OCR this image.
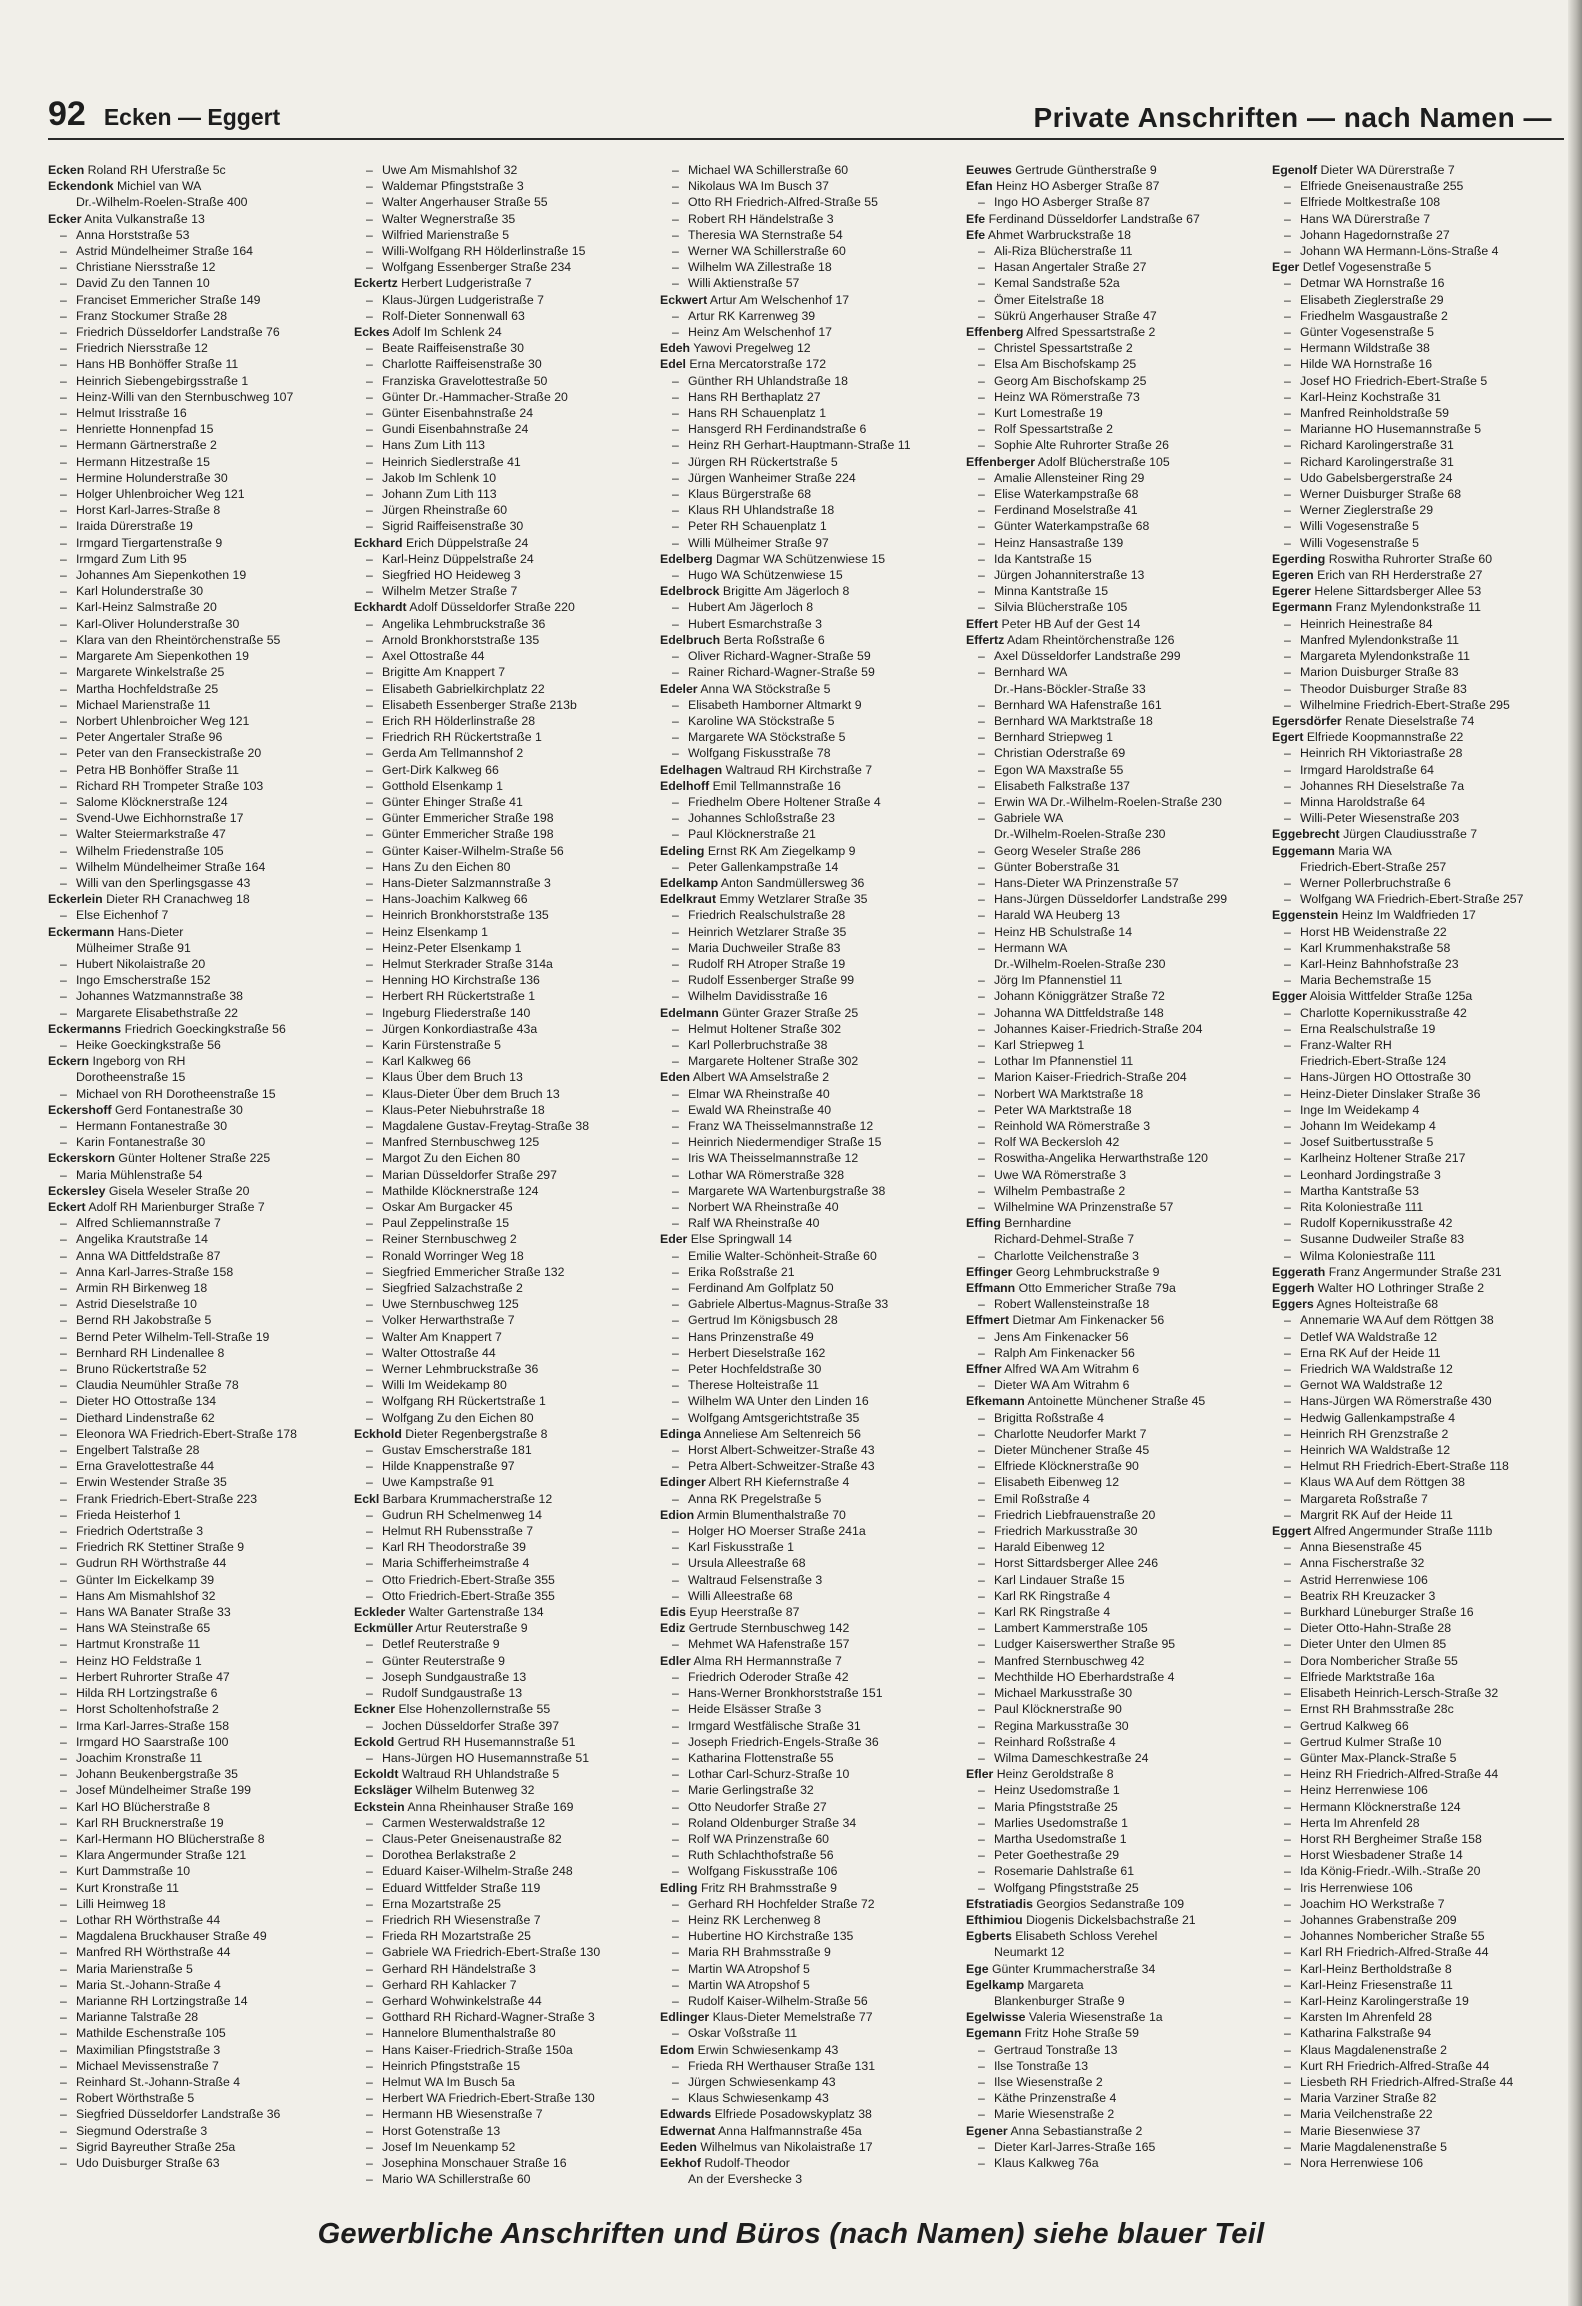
92 Ecken — Eggert	Private Anschriften — nach Namen —
Ecken Roland RH Uferstraße 5c
Eckendonk Michiel van WA
Dr.-Wilhelm-Roelen-Straße 400
Ecker Anita Vulkanstraße 13
– Anna Horststraße 53
– Astrid Mündelheimer Straße 164
– Christiane Niersstraße 12
– David Zu den Tannen 10
– Franciset Emmericher Straße 149
– Franz Stockumer Straße 28
– Friedrich Düsseldorfer Landstraße 76
– Friedrich Niersstraße 12
– Hans HB Bonhöffer Straße 11
– Heinrich Siebengebirgsstraße 1
– Heinz-Willi van den Sternbuschweg 107
– Helmut Irisstraße 16
– Henriette Honnenpfad 15
– Hermann Gärtnerstraße 2
– Hermann Hitzestraße 15
– Hermine Holunderstraße 30
– Holger Uhlenbroicher Weg 121
– Horst Karl-Jarres-Straße 8
– Iraida Dürerstraße 19
– Irmgard Tiergartenstraße 9
– Irmgard Zum Lith 95
– Johannes Am Siepenkothen 19
– Karl Holunderstraße 30
– Karl-Heinz Salmstraße 20
– Karl-Oliver Holunderstraße 30
– Klara van den Rheintörchenstraße 55
– Margarete Am Siepenkothen 19
– Margarete Winkelstraße 25
– Martha Hochfeldstraße 25
– Michael Marienstraße 11
– Norbert Uhlenbroicher Weg 121
– Peter Angertaler Straße 96
– Peter van den Franseckistraße 20
– Petra HB Bonhöffer Straße 11
– Richard RH Trompeter Straße 103
– Salome Klöcknerstraße 124
– Svend-Uwe Eichhornstraße 17
– Walter Steiermarkstraße 47
– Wilhelm Friedenstraße 105
– Wilhelm Mündelheimer Straße 164
– Willi van den Sperlingsgasse 43
Eckerlein Dieter RH Cranachweg 18
– Else Eichenhof 7
Eckermann Hans-Dieter
Mülheimer Straße 91
– Hubert Nikolaistraße 20
– Ingo Emscherstraße 152
– Johannes Watzmannstraße 38
– Margarete Elisabethstraße 22
Eckermanns Friedrich Goeckingkstraße 56
– Heike Goeckingkstraße 56
Eckern Ingeborg von RH
Dorotheenstraße 15
– Michael von RH Dorotheenstraße 15
Eckershoff Gerd Fontanestraße 30
– Hermann Fontanestraße 30
– Karin Fontanestraße 30
Eckerskorn Günter Holtener Straße 225
– Maria Mühlenstraße 54
Eckersley Gisela Weseler Straße 20
Eckert Adolf RH Marienburger Straße 7
– Alfred Schliemannstraße 7
– Angelika Krautstraße 14
– Anna WA Dittfeldstraße 87
– Anna Karl-Jarres-Straße 158
– Armin RH Birkenweg 18
– Astrid Dieselstraße 10
– Bernd RH Jakobstraße 5
– Bernd Peter Wilhelm-Tell-Straße 19
– Bernhard RH Lindenallee 8
– Bruno Rückertstraße 52
– Claudia Neumühler Straße 78
– Dieter HO Ottostraße 134
– Diethard Lindenstraße 62
– Eleonora WA Friedrich-Ebert-Straße 178
– Engelbert Talstraße 28
– Erna Gravelottestraße 44
– Erwin Westender Straße 35
– Frank Friedrich-Ebert-Straße 223
– Frieda Heisterhof 1
– Friedrich Odertstraße 3
– Friedrich RK Stettiner Straße 9
– Gudrun RH Wörthstraße 44
– Günter Im Eickelkamp 39
– Hans Am Mismahlshof 32
– Hans WA Banater Straße 33
– Hans WA Steinstraße 65
– Hartmut Kronstraße 11
– Heinz HO Feldstraße 1
– Herbert Ruhrorter Straße 47
– Hilda RH Lortzingstraße 6
– Horst Scholtenhofstraße 2
– Irma Karl-Jarres-Straße 158
– Irmgard HO Saarstraße 100
– Joachim Kronstraße 11
– Johann Beukenbergstraße 35
– Josef Mündelheimer Straße 199
– Karl HO Blücherstraße 8
– Karl RH Brucknerstraße 19
– Karl-Hermann HO Blücherstraße 8
– Klara Angermunder Straße 121
– Kurt Dammstraße 10
– Kurt Kronstraße 11
– Lilli Heimweg 18
– Lothar RH Wörthstraße 44
– Magdalena Bruckhauser Straße 49
– Manfred RH Wörthstraße 44
– Maria Marienstraße 5
– Maria St.-Johann-Straße 4
– Marianne RH Lortzingstraße 14
– Marianne Talstraße 28
– Mathilde Eschenstraße 105
– Maximilian Pfingststraße 3
– Michael Mevissenstraße 7
– Reinhard St.-Johann-Straße 4
– Robert Wörthstraße 5
– Siegfried Düsseldorfer Landstraße 36
– Siegmund Oderstraße 3
– Sigrid Bayreuther Straße 25a
– Udo Duisburger Straße 63
– Uwe Am Mismahlshof 32
– Waldemar Pfingststraße 3
– Walter Angerhauser Straße 55
– Walter Wegnerstraße 35
– Wilfried Marienstraße 5
– Willi-Wolfgang RH Hölderlinstraße 15
– Wolfgang Essenberger Straße 234
Eckertz Herbert Ludgeristraße 7
– Klaus-Jürgen Ludgeristraße 7
– Rolf-Dieter Sonnenwall 63
Eckes Adolf Im Schlenk 24
– Beate Raiffeisenstraße 30
– Charlotte Raiffeisenstraße 30
– Franziska Gravelottestraße 50
– Günter Dr.-Hammacher-Straße 20
– Günter Eisenbahnstraße 24
– Gundi Eisenbahnstraße 24
– Hans Zum Lith 113
– Heinrich Siedlerstraße 41
– Jakob Im Schlenk 10
– Johann Zum Lith 113
– Jürgen Rheinstraße 60
– Sigrid Raiffeisenstraße 30
Eckhard Erich Düppelstraße 24
– Karl-Heinz Düppelstraße 24
– Siegfried HO Heideweg 3
– Wilhelm Metzer Straße 7
Eckhardt Adolf Düsseldorfer Straße 220
– Angelika Lehmbruckstraße 36
– Arnold Bronkhorststraße 135
– Axel Ottostraße 44
– Brigitte Am Knappert 7
– Elisabeth Gabrielkirchplatz 22
– Elisabeth Essenberger Straße 213b
– Erich RH Hölderlinstraße 28
– Friedrich RH Rückertstraße 1
– Gerda Am Tellmannshof 2
– Gert-Dirk Kalkweg 66
– Gotthold Elsenkamp 1
– Günter Ehinger Straße 41
– Günter Emmericher Straße 198
– Günter Emmericher Straße 198
– Günter Kaiser-Wilhelm-Straße 56
– Hans Zu den Eichen 80
– Hans-Dieter Salzmannstraße 3
– Hans-Joachim Kalkweg 66
– Heinrich Bronkhorststraße 135
– Heinz Elsenkamp 1
– Heinz-Peter Elsenkamp 1
– Helmut Sterkrader Straße 314a
– Henning HO Kirchstraße 136
– Herbert RH Rückertstraße 1
– Ingeburg Fliederstraße 140
– Jürgen Konkordiastraße 43a
– Karin Fürstenstraße 5
– Karl Kalkweg 66
– Klaus Über dem Bruch 13
– Klaus-Dieter Über dem Bruch 13
– Klaus-Peter Niebuhrstraße 18
– Magdalene Gustav-Freytag-Straße 38
– Manfred Sternbuschweg 125
– Margot Zu den Eichen 80
– Marian Düsseldorfer Straße 297
– Mathilde Klöcknerstraße 124
– Oskar Am Burgacker 45
– Paul Zeppelinstraße 15
– Reiner Sternbuschweg 2
– Ronald Worringer Weg 18
– Siegfried Emmericher Straße 132
– Siegfried Salzachstraße 2
– Uwe Sternbuschweg 125
– Volker Herwarthstraße 7
– Walter Am Knappert 7
– Walter Ottostraße 44
– Werner Lehmbruckstraße 36
– Willi Im Weidekamp 80
– Wolfgang RH Rückertstraße 1
– Wolfgang Zu den Eichen 80
Eckhold Dieter Regenbergstraße 8
– Gustav Emscherstraße 181
– Hilde Knappenstraße 97
– Uwe Kampstraße 91
Eckl Barbara Krummacherstraße 12
– Gudrun RH Schelmenweg 14
– Helmut RH Rubensstraße 7
– Karl RH Theodorstraße 39
– Maria Schifferheimstraße 4
– Otto Friedrich-Ebert-Straße 355
– Otto Friedrich-Ebert-Straße 355
Eckleder Walter Gartenstraße 134
Eckmüller Artur Reuterstraße 9
– Detlef Reuterstraße 9
– Günter Reuterstraße 9
– Joseph Sundgaustraße 13
– Rudolf Sundgaustraße 13
Eckner Else Hohenzollernstraße 55
– Jochen Düsseldorfer Straße 397
Eckold Gertrud RH Husemannstraße 51
– Hans-Jürgen HO Husemannstraße 51
Eckoldt Waltraud RH Uhlandstraße 5
Ecksläger Wilhelm Butenweg 32
Eckstein Anna Rheinhauser Straße 169
– Carmen Westerwaldstraße 12
– Claus-Peter Gneisenaustraße 82
– Dorothea Berlakstraße 2
– Eduard Kaiser-Wilhelm-Straße 248
– Eduard Wittfelder Straße 119
– Erna Mozartstraße 25
– Friedrich RH Wiesenstraße 7
– Frieda RH Mozartstraße 25
– Gabriele WA Friedrich-Ebert-Straße 130
– Gerhard RH Händelstraße 3
– Gerhard RH Kahlacker 7
– Gerhard Wohwinkelstraße 44
– Gotthard RH Richard-Wagner-Straße 3
– Hannelore Blumenthalstraße 80
– Hans Kaiser-Friedrich-Straße 150a
– Heinrich Pfingststraße 15
– Helmut WA Im Busch 5a
– Herbert WA Friedrich-Ebert-Straße 130
– Hermann HB Wiesenstraße 7
– Horst Gotenstraße 13
– Josef Im Neuenkamp 52
– Josephina Monschauer Straße 16
– Mario WA Schillerstraße 60
– Michael WA Schillerstraße 60
– Nikolaus WA Im Busch 37
– Otto RH Friedrich-Alfred-Straße 55
– Robert RH Händelstraße 3
– Theresia WA Sternstraße 54
– Werner WA Schillerstraße 60
– Wilhelm WA Zillestraße 18
– Willi Aktienstraße 57
Eckwert Artur Am Welschenhof 17
– Artur RK Karrenweg 39
– Heinz Am Welschenhof 17
Edeh Yawovi Pregelweg 12
Edel Erna Mercatorstraße 172
– Günther RH Uhlandstraße 18
– Hans RH Berthaplatz 27
– Hans RH Schauenplatz 1
– Hansgerd RH Ferdinandstraße 6
– Heinz RH Gerhart-Hauptmann-Straße 11
– Jürgen RH Rückertstraße 5
– Jürgen Wanheimer Straße 224
– Klaus Bürgerstraße 68
– Klaus RH Uhlandstraße 18
– Peter RH Schauenplatz 1
– Willi Mülheimer Straße 97
Edelberg Dagmar WA Schützenwiese 15
– Hugo WA Schützenwiese 15
Edelbrock Brigitte Am Jägerloch 8
– Hubert Am Jägerloch 8
– Hubert Esmarchstraße 3
Edelbruch Berta Roßstraße 6
– Oliver Richard-Wagner-Straße 59
– Rainer Richard-Wagner-Straße 59
Edeler Anna WA Stöckstraße 5
– Elisabeth Hamborner Altmarkt 9
– Karoline WA Stöckstraße 5
– Margarete WA Stöckstraße 5
– Wolfgang Fiskusstraße 78
Edelhagen Waltraud RH Kirchstraße 7
Edelhoff Emil Tellmannstraße 16
– Friedhelm Obere Holtener Straße 4
– Johannes Schloßstraße 23
– Paul Klöcknerstraße 21
Edeling Ernst RK Am Ziegelkamp 9
– Peter Gallenkampstraße 14
Edelkamp Anton Sandmüllersweg 36
Edelkraut Emmy Wetzlarer Straße 35
– Friedrich Realschulstraße 28
– Heinrich Wetzlarer Straße 35
– Maria Duchweiler Straße 83
– Rudolf RH Atroper Straße 19
– Rudolf Essenberger Straße 99
– Wilhelm Davidisstraße 16
Edelmann Günter Grazer Straße 25
– Helmut Holtener Straße 302
– Karl Pollerbruchstraße 38
– Margarete Holtener Straße 302
Eden Albert WA Amselstraße 2
– Elmar WA Rheinstraße 40
– Ewald WA Rheinstraße 40
– Franz WA Theisselmannstraße 12
– Heinrich Niedermendiger Straße 15
– Iris WA Theisselmannstraße 12
– Lothar WA Römerstraße 328
– Margarete WA Wartenburgstraße 38
– Norbert WA Rheinstraße 40
– Ralf WA Rheinstraße 40
Eder Else Springwall 14
– Emilie Walter-Schönheit-Straße 60
– Erika Roßstraße 21
– Ferdinand Am Golfplatz 50
– Gabriele Albertus-Magnus-Straße 33
– Gertrud Im Königsbusch 28
– Hans Prinzenstraße 49
– Herbert Dieselstraße 162
– Peter Hochfeldstraße 30
– Therese Holteistraße 11
– Wilhelm WA Unter den Linden 16
– Wolfgang Amtsgerichtstraße 35
Edinga Anneliese Am Seltenreich 56
– Horst Albert-Schweitzer-Straße 43
– Petra Albert-Schweitzer-Straße 43
Edinger Albert RH Kiefernstraße 4
– Anna RK Pregelstraße 5
Edion Armin Blumenthalstraße 70
– Holger HO Moerser Straße 241a
– Karl Fiskusstraße 1
– Ursula Alleestraße 68
– Waltraud Felsenstraße 3
– Willi Alleestraße 68
Edis Eyup Heerstraße 87
Ediz Gertrude Sternbuschweg 142
– Mehmet WA Hafenstraße 157
Edler Alma RH Hermannstraße 7
– Friedrich Oderoder Straße 42
– Hans-Werner Bronkhorststraße 151
– Heide Elsässer Straße 3
– Irmgard Westfälische Straße 31
– Joseph Friedrich-Engels-Straße 36
– Katharina Flottenstraße 55
– Lothar Carl-Schurz-Straße 10
– Marie Gerlingstraße 32
– Otto Neudorfer Straße 27
– Roland Oldenburger Straße 34
– Rolf WA Prinzenstraße 60
– Ruth Schlachthofstraße 56
– Wolfgang Fiskusstraße 106
Edling Fritz RH Brahmsstraße 9
– Gerhard RH Hochfelder Straße 72
– Heinz RK Lerchenweg 8
– Hubertine HO Kirchstraße 135
– Maria RH Brahmsstraße 9
– Martin WA Atropshof 5
– Martin WA Atropshof 5
– Rudolf Kaiser-Wilhelm-Straße 56
Edlinger Klaus-Dieter Memelstraße 77
– Oskar Voßstraße 11
Edom Erwin Schwiesenkamp 43
– Frieda RH Werthauser Straße 131
– Jürgen Schwiesenkamp 43
– Klaus Schwiesenkamp 43
Edwards Elfriede Posadowskyplatz 38
Edwernat Anna Halfmannstraße 45a
Eeden Wilhelmus van Nikolaistraße 17
Eekhof Rudolf-Theodor
An der Evershecke 3
Eeuwes Gertrude Güntherstraße 9
Efan Heinz HO Asberger Straße 87
– Ingo HO Asberger Straße 87
Efe Ferdinand Düsseldorfer Landstraße 67
Efe Ahmet Warbruckstraße 18
– Ali-Riza Blücherstraße 11
– Hasan Angertaler Straße 27
– Kemal Sandstraße 52a
– Ömer Eitelstraße 18
– Sükrü Angerhauser Straße 47
Effenberg Alfred Spessartstraße 2
– Christel Spessartstraße 2
– Elsa Am Bischofskamp 25
– Georg Am Bischofskamp 25
– Heinz WA Römerstraße 73
– Kurt Lomestraße 19
– Rolf Spessartstraße 2
– Sophie Alte Ruhrorter Straße 26
Effenberger Adolf Blücherstraße 105
– Amalie Allensteiner Ring 29
– Elise Waterkampstraße 68
– Ferdinand Moselstraße 41
– Günter Waterkampstraße 68
– Heinz Hansastraße 139
– Ida Kantstraße 15
– Jürgen Johanniterstraße 13
– Minna Kantstraße 15
– Silvia Blücherstraße 105
Effert Peter HB Auf der Gest 14
Effertz Adam Rheintörchenstraße 126
– Axel Düsseldorfer Landstraße 299
– Bernhard WA
Dr.-Hans-Böckler-Straße 33
– Bernhard WA Hafenstraße 161
– Bernhard WA Marktstraße 18
– Bernhard Striepweg 1
– Christian Oderstraße 69
– Egon WA Maxstraße 55
– Elisabeth Falkstraße 137
– Erwin WA Dr.-Wilhelm-Roelen-Straße 230
– Gabriele WA
Dr.-Wilhelm-Roelen-Straße 230
– Georg Weseler Straße 286
– Günter Boberstraße 31
– Hans-Dieter WA Prinzenstraße 57
– Hans-Jürgen Düsseldorfer Landstraße 299
– Harald WA Heuberg 13
– Heinz HB Schulstraße 14
– Hermann WA
Dr.-Wilhelm-Roelen-Straße 230
– Jörg Im Pfannenstiel 11
– Johann Königgrätzer Straße 72
– Johanna WA Dittfeldstraße 148
– Johannes Kaiser-Friedrich-Straße 204
– Karl Striepweg 1
– Lothar Im Pfannenstiel 11
– Marion Kaiser-Friedrich-Straße 204
– Norbert WA Marktstraße 18
– Peter WA Marktstraße 18
– Reinhold WA Römerstraße 3
– Rolf WA Beckersloh 42
– Roswitha-Angelika Herwarthstraße 120
– Uwe WA Römerstraße 3
– Wilhelm Pembastraße 2
– Wilhelmine WA Prinzenstraße 57
Effing Bernhardine
Richard-Dehmel-Straße 7
– Charlotte Veilchenstraße 3
Effinger Georg Lehmbruckstraße 9
Effmann Otto Emmericher Straße 79a
– Robert Wallensteinstraße 18
Effmert Dietmar Am Finkenacker 56
– Jens Am Finkenacker 56
– Ralph Am Finkenacker 56
Effner Alfred WA Am Witrahm 6
– Dieter WA Am Witrahm 6
Efkemann Antoinette Münchener Straße 45
– Brigitta Roßstraße 4
– Charlotte Neudorfer Markt 7
– Dieter Münchener Straße 45
– Elfriede Klöcknerstraße 90
– Elisabeth Eibenweg 12
– Emil Roßstraße 4
– Friedrich Liebfrauenstraße 20
– Friedrich Markusstraße 30
– Harald Eibenweg 12
– Horst Sittardsberger Allee 246
– Karl Lindauer Straße 15
– Karl RK Ringstraße 4
– Karl RK Ringstraße 4
– Lambert Kammerstraße 105
– Ludger Kaiserswerther Straße 95
– Manfred Sternbuschweg 42
– Mechthilde HO Eberhardstraße 4
– Michael Markusstraße 30
– Paul Klöcknerstraße 90
– Regina Markusstraße 30
– Reinhard Roßstraße 4
– Wilma Dameschkestraße 24
Efler Heinz Geroldstraße 8
– Heinz Usedomstraße 1
– Maria Pfingststraße 25
– Marlies Usedomstraße 1
– Martha Usedomstraße 1
– Peter Goethestraße 29
– Rosemarie Dahlstraße 61
– Wolfgang Pfingststraße 25
Efstratiadis Georgios Sedanstraße 109
Efthimiou Diogenis Dickelsbachstraße 21
Egberts Elisabeth Schloss Verehel
Neumarkt 12
Ege Günter Krummacherstraße 34
Egelkamp Margareta
Blankenburger Straße 9
Egelwisse Valeria Wiesenstraße 1a
Egemann Fritz Hohe Straße 59
– Gertraud Tonstraße 13
– Ilse Tonstraße 13
– Ilse Wiesenstraße 2
– Käthe Prinzenstraße 4
– Marie Wiesenstraße 2
Egener Anna Sebastianstraße 2
– Dieter Karl-Jarres-Straße 165
– Klaus Kalkweg 76a
Egenolf Dieter WA Dürerstraße 7
– Elfriede Gneisenaustraße 255
– Elfriede Moltkestraße 108
– Hans WA Dürerstraße 7
– Johann Hagedornstraße 27
– Johann WA Hermann-Löns-Straße 4
Eger Detlef Vogesenstraße 5
– Detmar WA Hornstraße 16
– Elisabeth Zieglerstraße 29
– Friedhelm Wasgaustraße 2
– Günter Vogesenstraße 5
– Hermann Wildstraße 38
– Hilde WA Hornstraße 16
– Josef HO Friedrich-Ebert-Straße 5
– Karl-Heinz Kochstraße 31
– Manfred Reinholdstraße 59
– Marianne HO Husemannstraße 5
– Richard Karolingerstraße 31
– Richard Karolingerstraße 31
– Udo Gabelsbergerstraße 24
– Werner Duisburger Straße 68
– Werner Zieglerstraße 29
– Willi Vogesenstraße 5
– Willi Vogesenstraße 5
Egerding Roswitha Ruhrorter Straße 60
Egeren Erich van RH Herderstraße 27
Egerer Helene Sittardsberger Allee 53
Egermann Franz Mylendonkstraße 11
– Heinrich Heinestraße 84
– Manfred Mylendonkstraße 11
– Margareta Mylendonkstraße 11
– Marion Duisburger Straße 83
– Theodor Duisburger Straße 83
– Wilhelmine Friedrich-Ebert-Straße 295
Egersdörfer Renate Dieselstraße 74
Egert Elfriede Koopmannstraße 22
– Heinrich RH Viktoriastraße 28
– Irmgard Haroldstraße 64
– Johannes RH Dieselstraße 7a
– Minna Haroldstraße 64
– Willi-Peter Wiesenstraße 203
Eggebrecht Jürgen Claudiusstraße 7
Eggemann Maria WA
Friedrich-Ebert-Straße 257
– Werner Pollerbruchstraße 6
– Wolfgang WA Friedrich-Ebert-Straße 257
Eggenstein Heinz Im Waldfrieden 17
– Horst HB Weidenstraße 22
– Karl Krummenhakstraße 58
– Karl-Heinz Bahnhofstraße 23
– Maria Bechemstraße 15
Egger Aloisia Wittfelder Straße 125a
– Charlotte Kopernikusstraße 42
– Erna Realschulstraße 19
– Franz-Walter RH
Friedrich-Ebert-Straße 124
– Hans-Jürgen HO Ottostraße 30
– Heinz-Dieter Dinslaker Straße 36
– Inge Im Weidekamp 4
– Johann Im Weidekamp 4
– Josef Suitbertusstraße 5
– Karlheinz Holtener Straße 217
– Leonhard Jordingstraße 3
– Martha Kantstraße 53
– Rita Koloniestraße 111
– Rudolf Kopernikusstraße 42
– Susanne Dudweiler Straße 83
– Wilma Koloniestraße 111
Eggerath Franz Angermunder Straße 231
Eggerh Walter HO Lothringer Straße 2
Eggers Agnes Holteistraße 68
– Annemarie WA Auf dem Röttgen 38
– Detlef WA Waldstraße 12
– Erna RK Auf der Heide 11
– Friedrich WA Waldstraße 12
– Gernot WA Waldstraße 12
– Hans-Jürgen WA Römerstraße 430
– Hedwig Gallenkampstraße 4
– Heinrich RH Grenzstraße 2
– Heinrich WA Waldstraße 12
– Helmut RH Friedrich-Ebert-Straße 118
– Klaus WA Auf dem Röttgen 38
– Margareta Roßstraße 7
– Margrit RK Auf der Heide 11
Eggert Alfred Angermunder Straße 111b
– Anna Biesenstraße 45
– Anna Fischerstraße 32
– Astrid Herrenwiese 106
– Beatrix RH Kreuzacker 3
– Burkhard Lüneburger Straße 16
– Dieter Otto-Hahn-Straße 28
– Dieter Unter den Ulmen 85
– Dora Nombericher Straße 55
– Elfriede Marktstraße 16a
– Elisabeth Heinrich-Lersch-Straße 32
– Ernst RH Brahmsstraße 28c
– Gertrud Kalkweg 66
– Gertrud Kulmer Straße 10
– Günter Max-Planck-Straße 5
– Heinz RH Friedrich-Alfred-Straße 44
– Heinz Herrenwiese 106
– Hermann Klöcknerstraße 124
– Herta Im Ahrenfeld 28
– Horst RH Bergheimer Straße 158
– Horst Wiesbadener Straße 14
– Ida König-Friedr.-Wilh.-Straße 20
– Iris Herrenwiese 106
– Joachim HO Werkstraße 7
– Johannes Grabenstraße 209
– Johannes Nombericher Straße 55
– Karl RH Friedrich-Alfred-Straße 44
– Karl-Heinz Bertholdstraße 8
– Karl-Heinz Friesenstraße 11
– Karl-Heinz Karolingerstraße 19
– Karsten Im Ahrenfeld 28
– Katharina Falkstraße 94
– Klaus Magdalenenstraße 2
– Kurt RH Friedrich-Alfred-Straße 44
– Liesbeth RH Friedrich-Alfred-Straße 44
– Maria Varziner Straße 82
– Maria Veilchenstraße 22
– Marie Biesenwiese 37
– Marie Magdalenenstraße 5
– Nora Herrenwiese 106
Gewerbliche Anschriften und Büros (nach Namen) siehe blauer Teil
